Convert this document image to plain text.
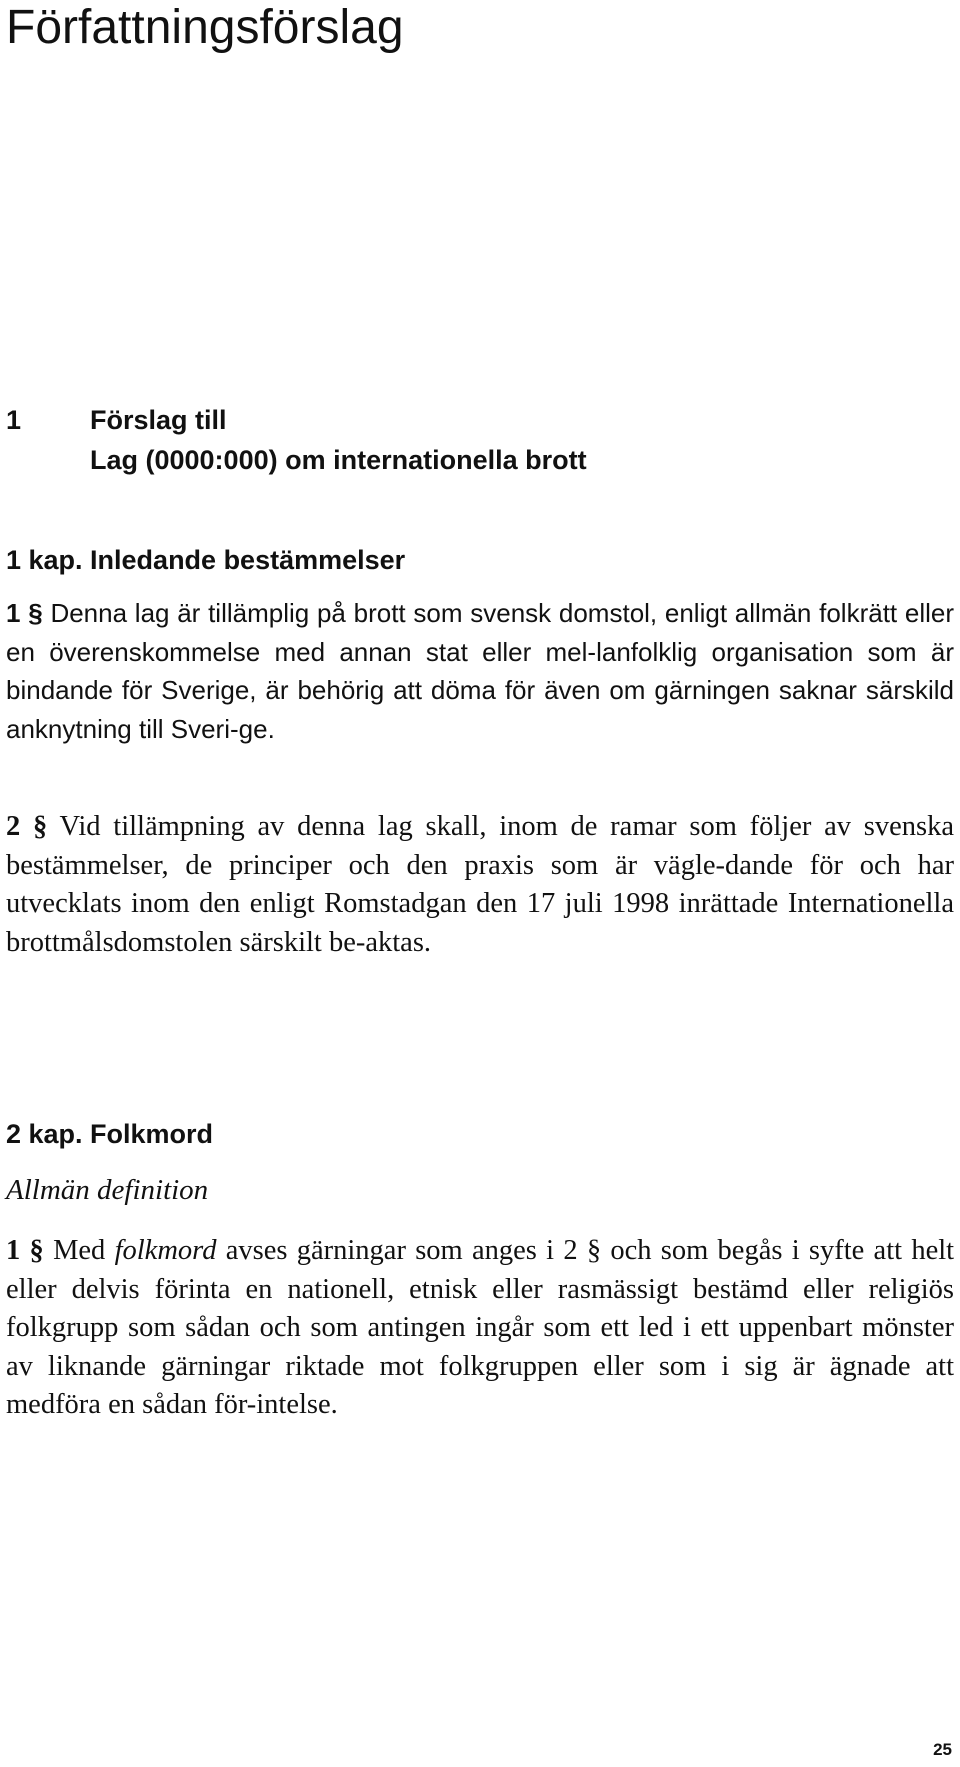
Författningsförslag
1	Förslag till
Lag (0000:000) om internationella brott
1 kap. Inledande bestämmelser

1 § Denna lag är tillämplig på brott som svensk domstol, enligt allmän folkrätt eller en överenskommelse med annan stat eller mel-lanfolklig organisation som är bindande för Sverige, är behörig att döma för även om gärningen saknar särskild anknytning till Sveri-ge.

2 § Vid tillämpning av denna lag skall, inom de ramar som följer av svenska bestämmelser, de principer och den praxis som är vägle-dande för och har utvecklats inom den enligt Romstadgan den 17 juli 1998 inrättade Internationella brottmålsdomstolen särskilt be-aktas.

2 kap. Folkmord
Allmän definition

1 § Med folkmord avses gärningar som anges i 2 § och som begås i syfte att helt eller delvis förinta en nationell, etnisk eller rasmässigt bestämd eller religiös folkgrupp som sådan och som antingen ingår som ett led i ett uppenbart mönster av liknande gärningar riktade mot folkgruppen eller som i sig är ägnade att medföra en sådan för-intelse.

25
